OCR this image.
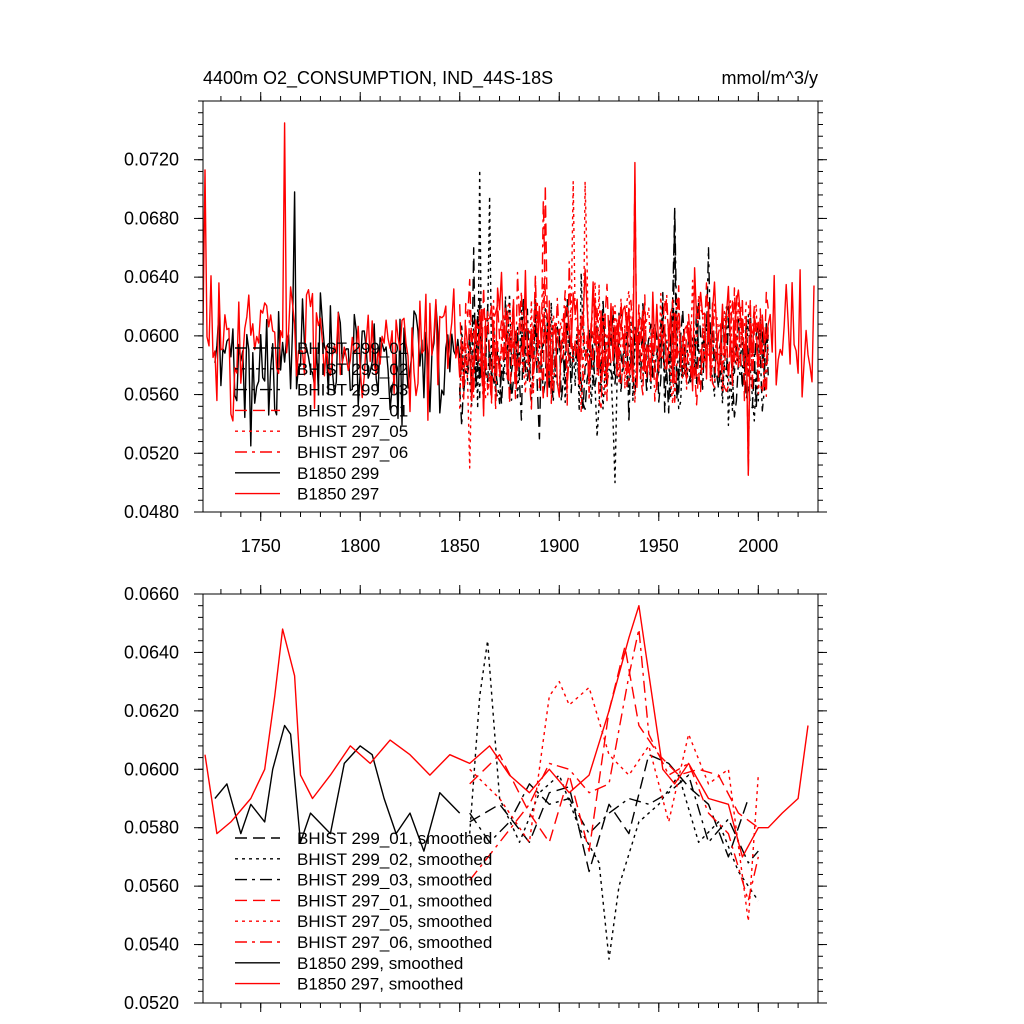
4400m O2_CONSUMPTION, IND_44S-18S	mmol/m^3/y
0.0480
0.0520
0.0560
0.0600
0.0640
0.0680
0.0720
1750	1800	1850	1900	1950	2000
BHIST 299_01
BHIST 299_02
BHIST 299_03
BHIST 297_01
BHIST 297_05
BHIST 297_06
B1850 299
B1850 297
0.0520
0.0540
0.0560
0.0580
0.0600
0.0620
0.0640
0.0660
BHIST 299_01, smoothed
BHIST 299_02, smoothed
BHIST 299_03, smoothed
BHIST 297_01, smoothed
BHIST 297_05, smoothed
BHIST 297_06, smoothed
B1850 299, smoothed
B1850 297, smoothed
